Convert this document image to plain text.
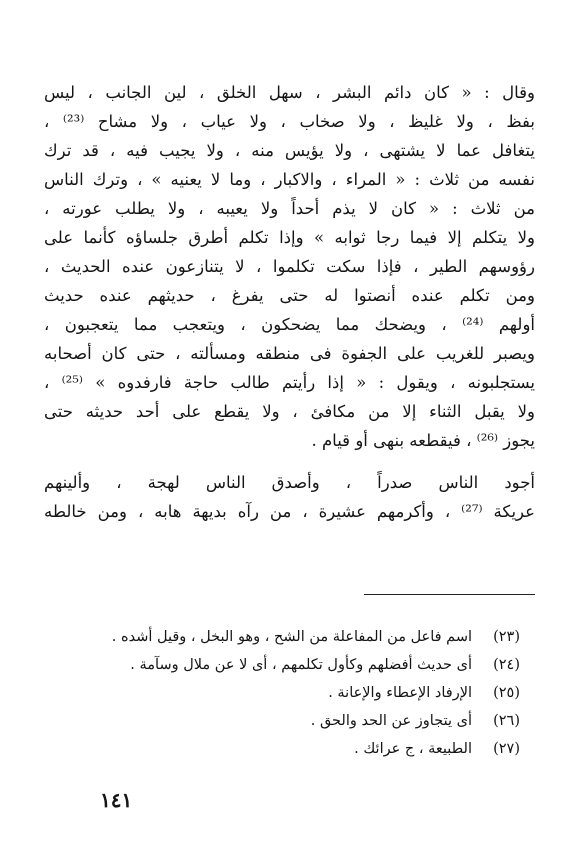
وقال : « كان دائم البشر ، سهل الخلق ، لين الجانب ، ليس
بفظ ، ولا غليظ ، ولا صخاب ، ولا عياب ، ولا مشاح ⁽²³⁾ ،
يتغافل عما لا يشتهى ، ولا يؤيس منه ، ولا يجيب فيه ، قد ترك
نفسه من ثلاث : « المراء ، والاكبار ، وما لا يعنيه » ، وترك الناس
من ثلاث : « كان لا يذم أحداً ولا يعيبه ، ولا يطلب عورته ،
ولا يتكلم إلا فيما رجا ثوابه » وإذا تكلم أطرق جلساؤه كأنما على
رؤوسهم الطير ، فإذا سكت تكلموا ، لا يتنازعون عنده الحديث ،
ومن تكلم عنده أنصتوا له حتى يفرغ ، حديثهم عنده حديث
أولهم ⁽²⁴⁾ ، ويضحك مما يضحكون ، ويتعجب مما يتعجبون ،
ويصبر للغريب على الجفوة فى منطقه ومسألته ، حتى كان أصحابه
يستجلبونه ، ويقول : « إذا رأيتم طالب حاجة فارفدوه » ⁽²⁵⁾ ،
ولا يقبل الثناء إلا من مكافئ ، ولا يقطع على أحد حديثه حتى
يجوز ⁽²⁶⁾ ، فيقطعه بنهى أو قيام .
أجود الناس صدراً ، وأصدق الناس لهجة ، وألينهم
عريكة ⁽²⁷⁾ ، وأكرمهم عشيرة ، من رآه بديهة هابه ، ومن خالطه
(٢٣)اسم فاعل من المفاعلة من الشح ، وهو البخل ، وقيل أشده .
(٢٤)أى حديث أفضلهم وكأول تكلمهم ، أى لا عن ملال وسآمة .
(٢٥)الإرفاد الإعطاء والإعانة .
(٢٦)أى يتجاوز عن الحد والحق .
(٢٧)الطبيعة ، ج عرائك .
١٤١
